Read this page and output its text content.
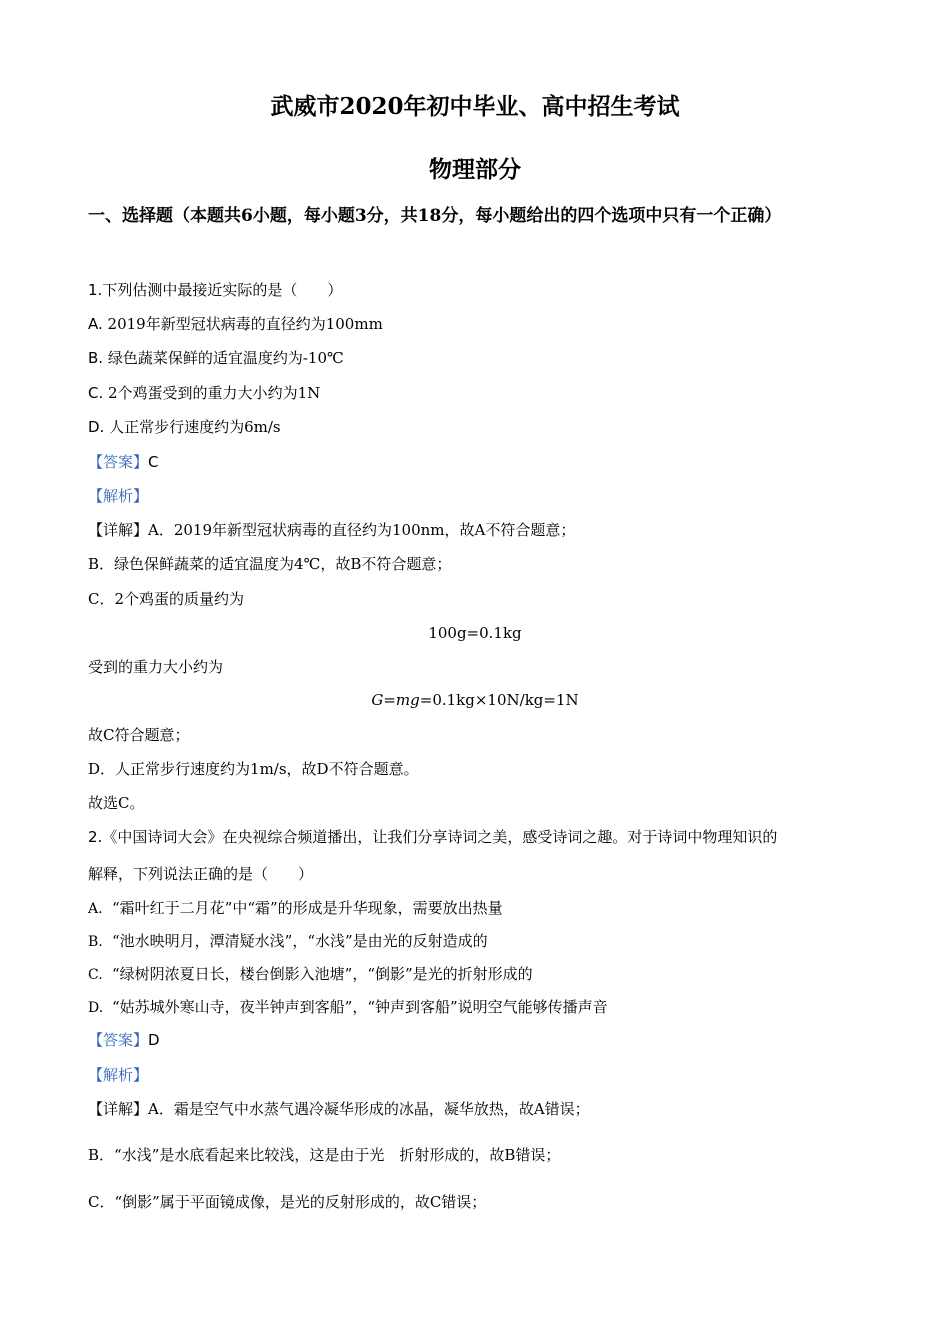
武威市2020年初中毕业、高中招生考试
物理部分
一、选择题（本题共6小题，每小题3分，共18分，每小题给出的四个选项中只有一个正确）
1.下列估测中最接近实际的是（　　）
A. 2019年新型冠状病毒的直径约为100mm
B. 绿色蔬菜保鲜的适宜温度约为-10℃
C. 2个鸡蛋受到的重力大小约为1N
D. 人正常步行速度约为6m/s
【答案】C
【解析】
【详解】A．2019年新型冠状病毒的直径约为100nm，故A不符合题意；
B．绿色保鲜蔬菜的适宜温度为4℃，故B不符合题意；
C．2个鸡蛋的质量约为
100g=0.1kg
受到的重力大小约为
G=mg=0.1kg×10N/kg=1N
故C符合题意；
D．人正常步行速度约为1m/s，故D不符合题意。
故选C。
2.《中国诗词大会》在央视综合频道播出，让我们分享诗词之美，感受诗词之趣。对于诗词中物理知识的
解释，下列说法正确的是（　　）
A. “霜叶红于二月花”中“霜”的形成是升华现象，需要放出热量
B. “池水映明月，潭清疑水浅”，“水浅”是由光的反射造成的
C. “绿树阴浓夏日长，楼台倒影入池塘”，“倒影”是光的折射形成的
D. “姑苏城外寒山寺，夜半钟声到客船”，“钟声到客船”说明空气能够传播声音
【答案】D
【解析】
【详解】A．霜是空气中水蒸气遇冷凝华形成的冰晶，凝华放热，故A错误；
B．“水浅”是水底看起来比较浅，这是由于光　折射形成的，故B错误；
C．“倒影”属于平面镜成像，是光的反射形成的，故C错误；
